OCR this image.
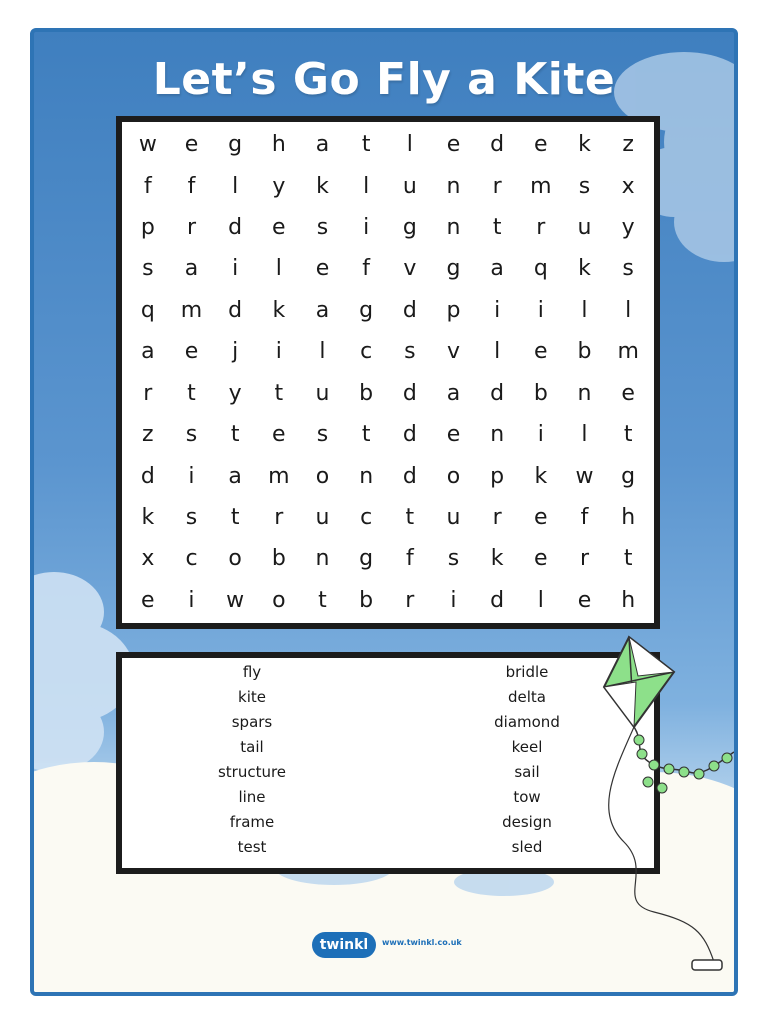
Let’s Go Fly a Kite
w	e	g	h	a	t	l	e	d	e	k	z
f	f	l	y	k	l	u	n	r	m	s	x
p	r	d	e	s	i	g	n	t	r	u	y
s	a	i	l	e	f	v	g	a	q	k	s
q	m	d	k	a	g	d	p	i	i	l	l
a	e	j	i	l	c	s	v	l	e	b	m
r	t	y	t	u	b	d	a	d	b	n	e
z	s	t	e	s	t	d	e	n	i	l	t
d	i	a	m	o	n	d	o	p	k	w	g
k	s	t	r	u	c	t	u	r	e	f	h
x	c	o	b	n	g	f	s	k	e	r	t
e	i	w	o	t	b	r	i	d	l	e	h
fly
kite
spars
tail
structure
line
frame
test
bridle
delta
diamond
keel
sail
tow
design
sled
twinkl	www.twinkl.co.uk
